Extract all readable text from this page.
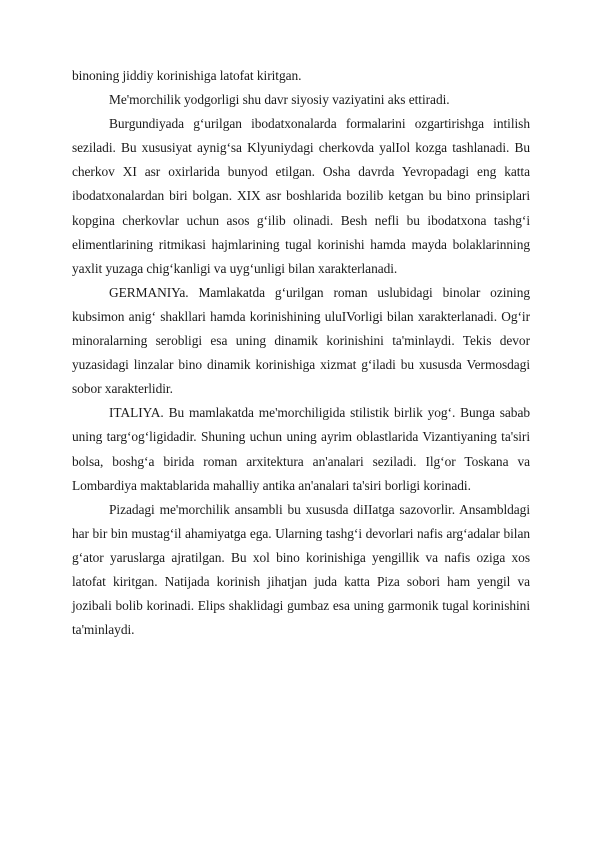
binoning jiddiy korinishiga latofat kiritgan.

Me'morchilik yodgorligi shu davr siyosiy vaziyatini aks ettiradi.

Burgundiyada g‘urilgan ibodatxonalarda formalarini ozgartirishga intilish seziladi. Bu xususiyat aynig‘sa Klyuniydagi cherkovda yalIol kozga tashlanadi. Bu cherkov XI asr oxirlarida bunyod etilgan. Osha davrda Yevropadagi eng katta ibodatxonalardan biri bolgan. XIX asr boshlarida bozilib ketgan bu bino prinsiplari kopgina cherkovlar uchun asos g‘ilib olinadi. Besh nefli bu ibodatxona tashg‘i elimentlarining ritmikasi hajmlarining tugal korinishi hamda mayda bolaklarinning yaxlit yuzaga chig‘kanligi va uyg‘unligi bilan xarakterlanadi.

GERMANIYa. Mamlakatda g‘urilgan roman uslubidagi binolar ozining kubsimon anig‘ shakllari hamda korinishining uluIVorligi bilan xarakterlanadi. Og‘ir minoralarning serobligi esa uning dinamik korinishini ta'minlaydi. Tekis devor yuzasidagi linzalar bino dinamik korinishiga xizmat g‘iladi bu xususda Vermosdagi sobor xarakterlidir.

ITALIYA. Bu mamlakatda me'morchiligida stilistik birlik yog‘. Bunga sabab uning targ‘og‘ligidadir. Shuning uchun uning ayrim oblastlarida Vizantiyaning ta'siri bolsa, boshg‘a birida roman arxitektura an'analari seziladi. Ilg‘or Toskana va Lombardiya maktablarida mahalliy antika an'analari ta'siri borligi korinadi.

Pizadagi me'morchilik ansambli bu xususda diIIatga sazovorlir. Ansambldagi har bir bin mustag‘il ahamiyatga ega. Ularning tashg‘i devorlari nafis arg‘adalar bilan g‘ator yaruslarga ajratilgan. Bu xol bino korinishiga yengillik va nafis oziga xos latofat kiritgan. Natijada korinish jihatjan juda katta Piza sobori ham yengil va jozibali bolib korinadi. Elips shaklidagi gumbaz esa uning garmonik tugal korinishini ta'minlaydi.
